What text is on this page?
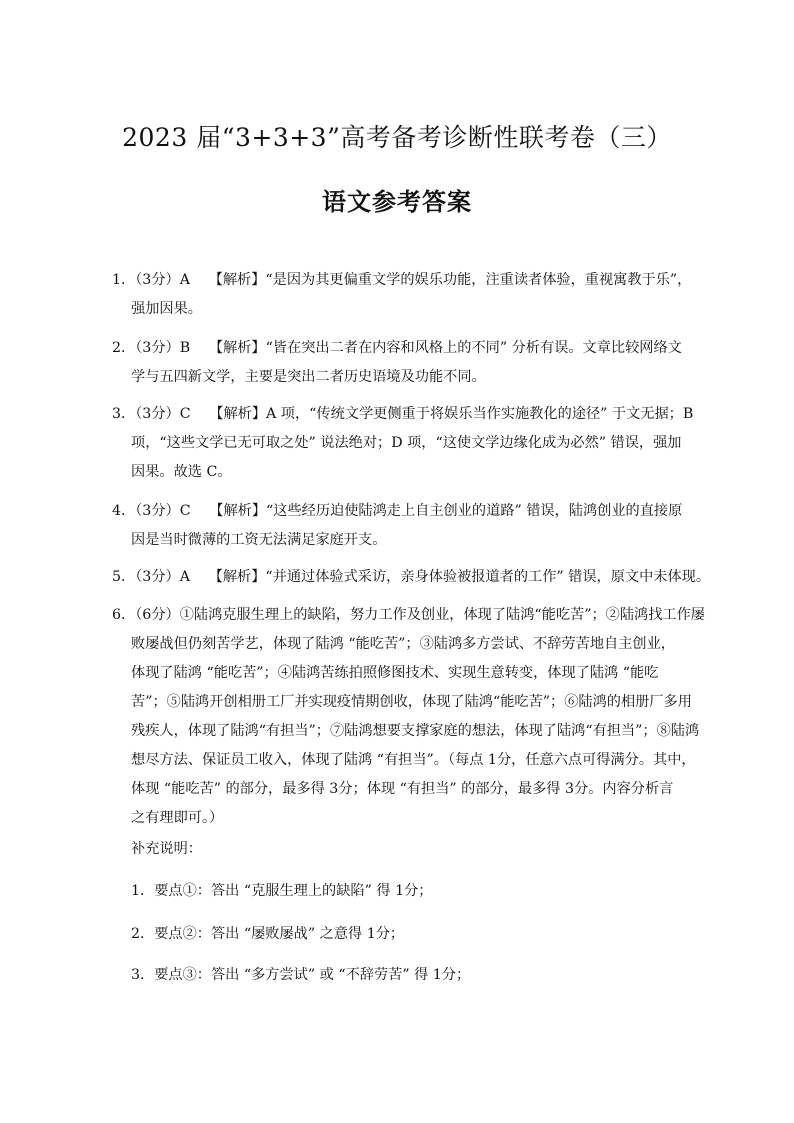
2023 届“3+3+3”高考备考诊断性联考卷（三）
语文参考答案
1．（3分）A　 【解析】“是因为其更偏重文学的娱乐功能，注重读者体验，重视寓教于乐”，
强加因果。
2．（3分）B　 【解析】“皆在突出二者在内容和风格上的不同” 分析有误。文章比较网络文
学与五四新文学，主要是突出二者历史语境及功能不同。
3．（3分）C　 【解析】A 项，“传统文学更侧重于将娱乐当作实施教化的途径” 于文无据；B
项，“这些文学已无可取之处” 说法绝对；D 项，“这使文学边缘化成为必然” 错误，强加
因果。故选 C。
4．（3分）C　 【解析】“这些经历迫使陆鸿走上自主创业的道路” 错误，陆鸿创业的直接原
因是当时微薄的工资无法满足家庭开支。
5．（3分）A　 【解析】“并通过体验式采访，亲身体验被报道者的工作” 错误，原文中未体现。
6．（6分）①陆鸿克服生理上的缺陷，努力工作及创业，体现了陆鸿“能吃苦”；②陆鸿找工作屡
败屡战但仍刻苦学艺，体现了陆鸿 “能吃苦”；③陆鸿多方尝试、不辞劳苦地自主创业，
体现了陆鸿 “能吃苦”；④陆鸿苦练拍照修图技术、实现生意转变，体现了陆鸿 “能吃
苦”；⑤陆鸿开创相册工厂并实现疫情期创收，体现了陆鸿“能吃苦”；⑥陆鸿的相册厂多用
残疾人，体现了陆鸿“有担当”；⑦陆鸿想要支撑家庭的想法，体现了陆鸿“有担当”；⑧陆鸿
想尽方法、保证员工收入，体现了陆鸿 “有担当”。（每点 1分，任意六点可得满分。其中，
体现 “能吃苦” 的部分，最多得 3分；体现 “有担当” 的部分，最多得 3分。内容分析言
之有理即可。）
补充说明：
1．要点①：答出 “克服生理上的缺陷” 得 1分；
2．要点②：答出 “屡败屡战” 之意得 1分；
3．要点③：答出 “多方尝试” 或 “不辞劳苦” 得 1分；
